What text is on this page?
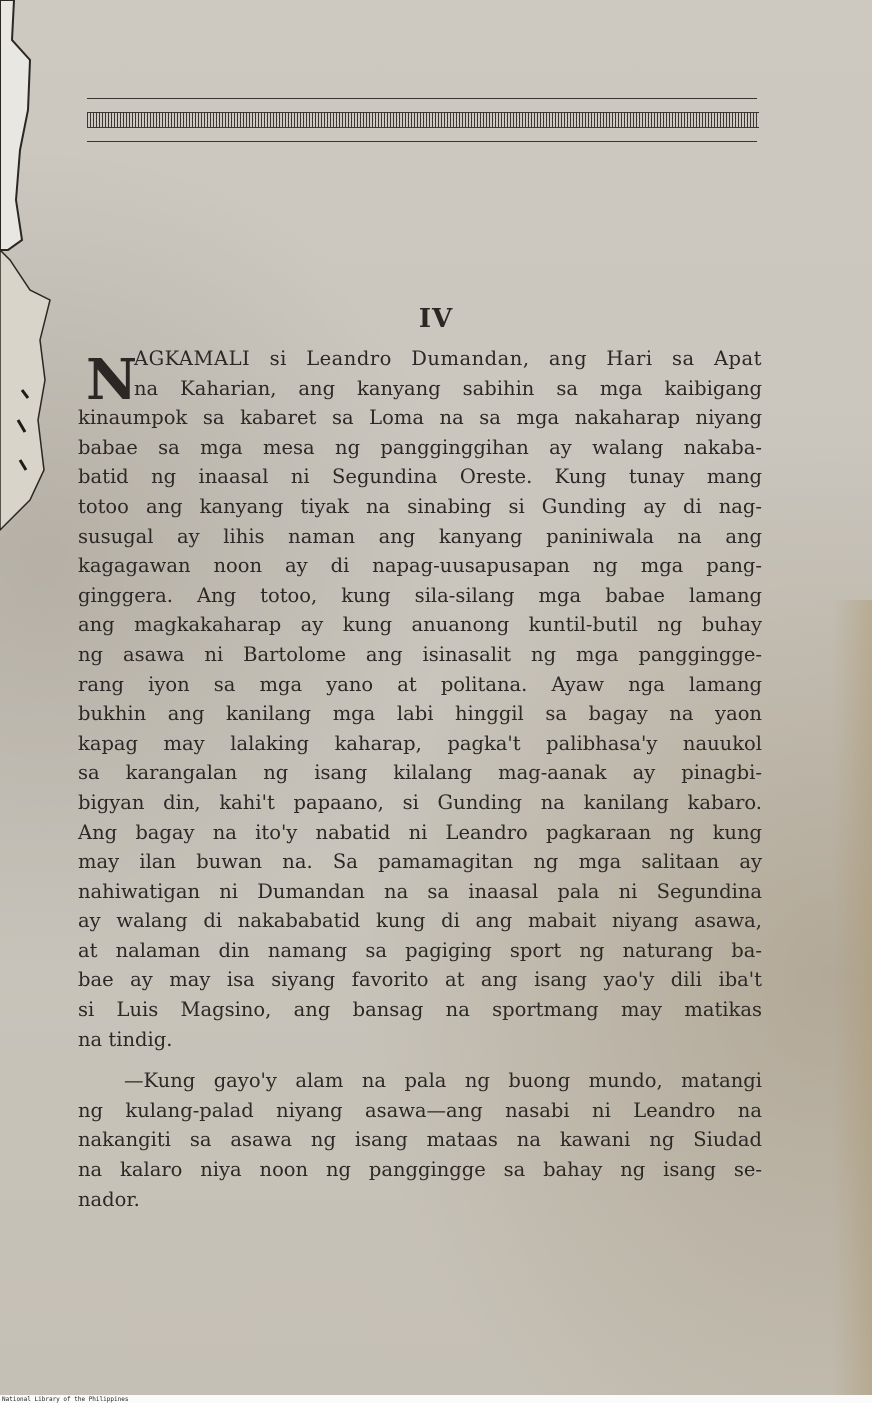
IV
N
AGKAMALI si Leandro Dumandan, ang Hari sa Apat
na Kaharian, ang kanyang sabihin sa mga kaibigang
kinaumpok sa kabaret sa Loma na sa mga nakaharap niyang
babae sa mga mesa ng pangginggihan ay walang nakaba-
batid ng inaasal ni Segundina Oreste. Kung tunay mang
totoo ang kanyang tiyak na sinabing si Gunding ay di nag-
susugal ay lihis naman ang kanyang paniniwala na ang
kagagawan noon ay di napag-uusapusapan ng mga pang-
ginggera. Ang totoo, kung sila-silang mga babae lamang
ang magkakaharap ay kung anuanong kuntil-butil ng buhay
ng asawa ni Bartolome ang isinasalit ng mga panggingge-
rang iyon sa mga yano at politana. Ayaw nga lamang
bukhin ang kanilang mga labi hinggil sa bagay na yaon
kapag may lalaking kaharap, pagka't palibhasa'y nauukol
sa karangalan ng isang kilalang mag-aanak ay pinagbi-
bigyan din, kahi't papaano, si Gunding na kanilang kabaro.
Ang bagay na ito'y nabatid ni Leandro pagkaraan ng kung
may ilan buwan na. Sa pamamagitan ng mga salitaan ay
nahiwatigan ni Dumandan na sa inaasal pala ni Segundina
ay walang di nakababatid kung di ang mabait niyang asawa,
at nalaman din namang sa pagiging sport ng naturang ba-
bae ay may isa siyang favorito at ang isang yao'y dili iba't
si Luis Magsino, ang bansag na sportmang may matikas
na tindig.
—Kung gayo'y alam na pala ng buong mundo, matangi
ng kulang-palad niyang asawa—ang nasabi ni Leandro na
nakangiti sa asawa ng isang mataas na kawani ng Siudad
na kalaro niya noon ng panggingge sa bahay ng isang se-
nador.
National Library of the Philippines
